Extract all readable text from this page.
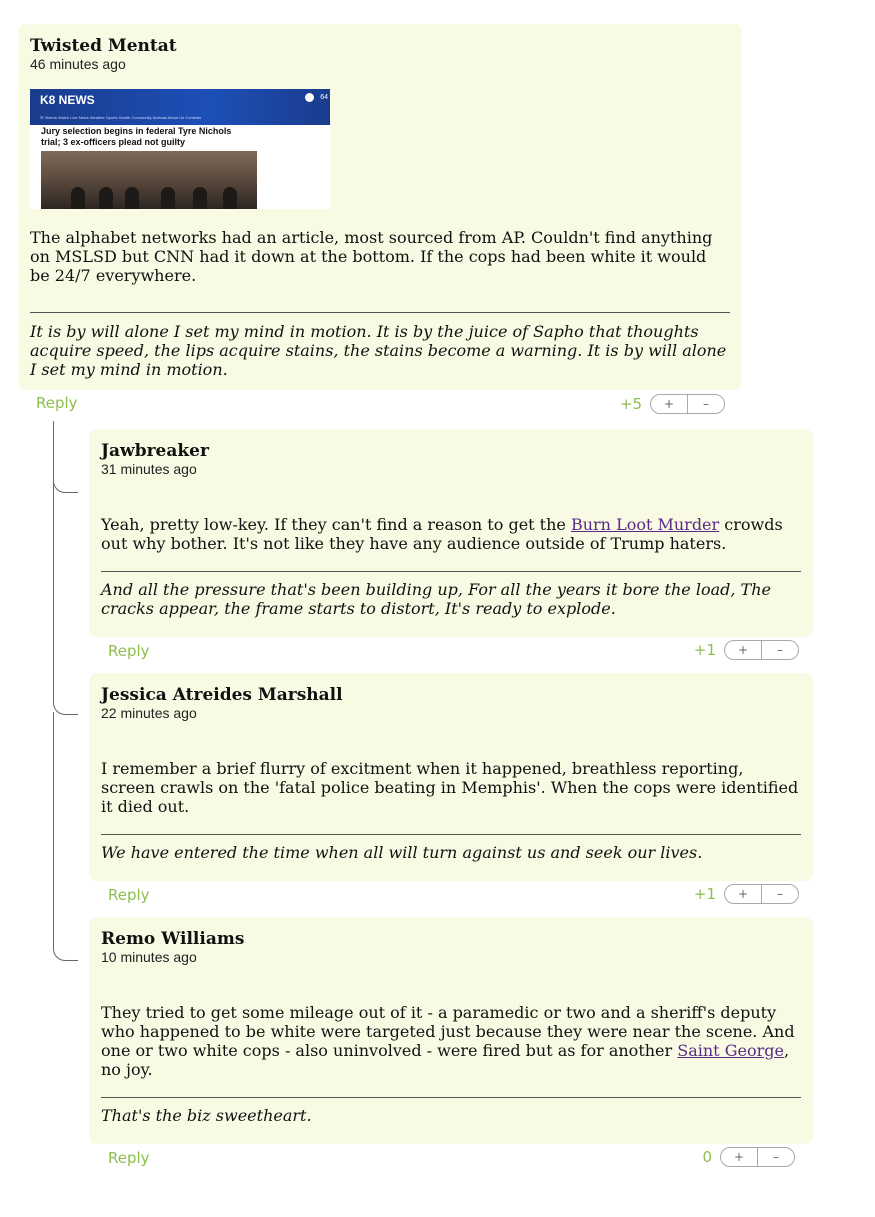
Twisted Mentat
46 minutes ago
K8 NEWS
☰ Videos Watch Live News Weather Sports Health Community Noticias About Us Contests
64
Jury selection begins in federal Tyre Nichols trial; 3 ex-officers plead not guilty

The alphabet networks had an article, most sourced from AP. Couldn't find anything on MSLSD but CNN had it down at the bottom. If the cops had been white it would be 24/7 everywhere.

It is by will alone I set my mind in motion. It is by the juice of Sapho that thoughts acquire speed, the lips acquire stains, the stains become a warning. It is by will alone I set my mind in motion.

Reply	+5	+	–
Jawbreaker
31 minutes ago

Yeah, pretty low-key. If they can't find a reason to get the Burn Loot Murder crowds out why bother. It's not like they have any audience outside of Trump haters.

And all the pressure that's been building up, For all the years it bore the load, The cracks appear, the frame starts to distort, It's ready to explode.

Reply	+1	+	–
Jessica Atreides Marshall
22 minutes ago

I remember a brief flurry of excitment when it happened, breathless reporting, screen crawls on the 'fatal police beating in Memphis'. When the cops were identified it died out.

We have entered the time when all will turn against us and seek our lives.

Reply	+1	+	–
Remo Williams
10 minutes ago

They tried to get some mileage out of it - a paramedic or two and a sheriff's deputy who happened to be white were targeted just because they were near the scene. And one or two white cops - also uninvolved - were fired but as for another Saint George, no joy.

That's the biz sweetheart.

Reply	0	+	–
